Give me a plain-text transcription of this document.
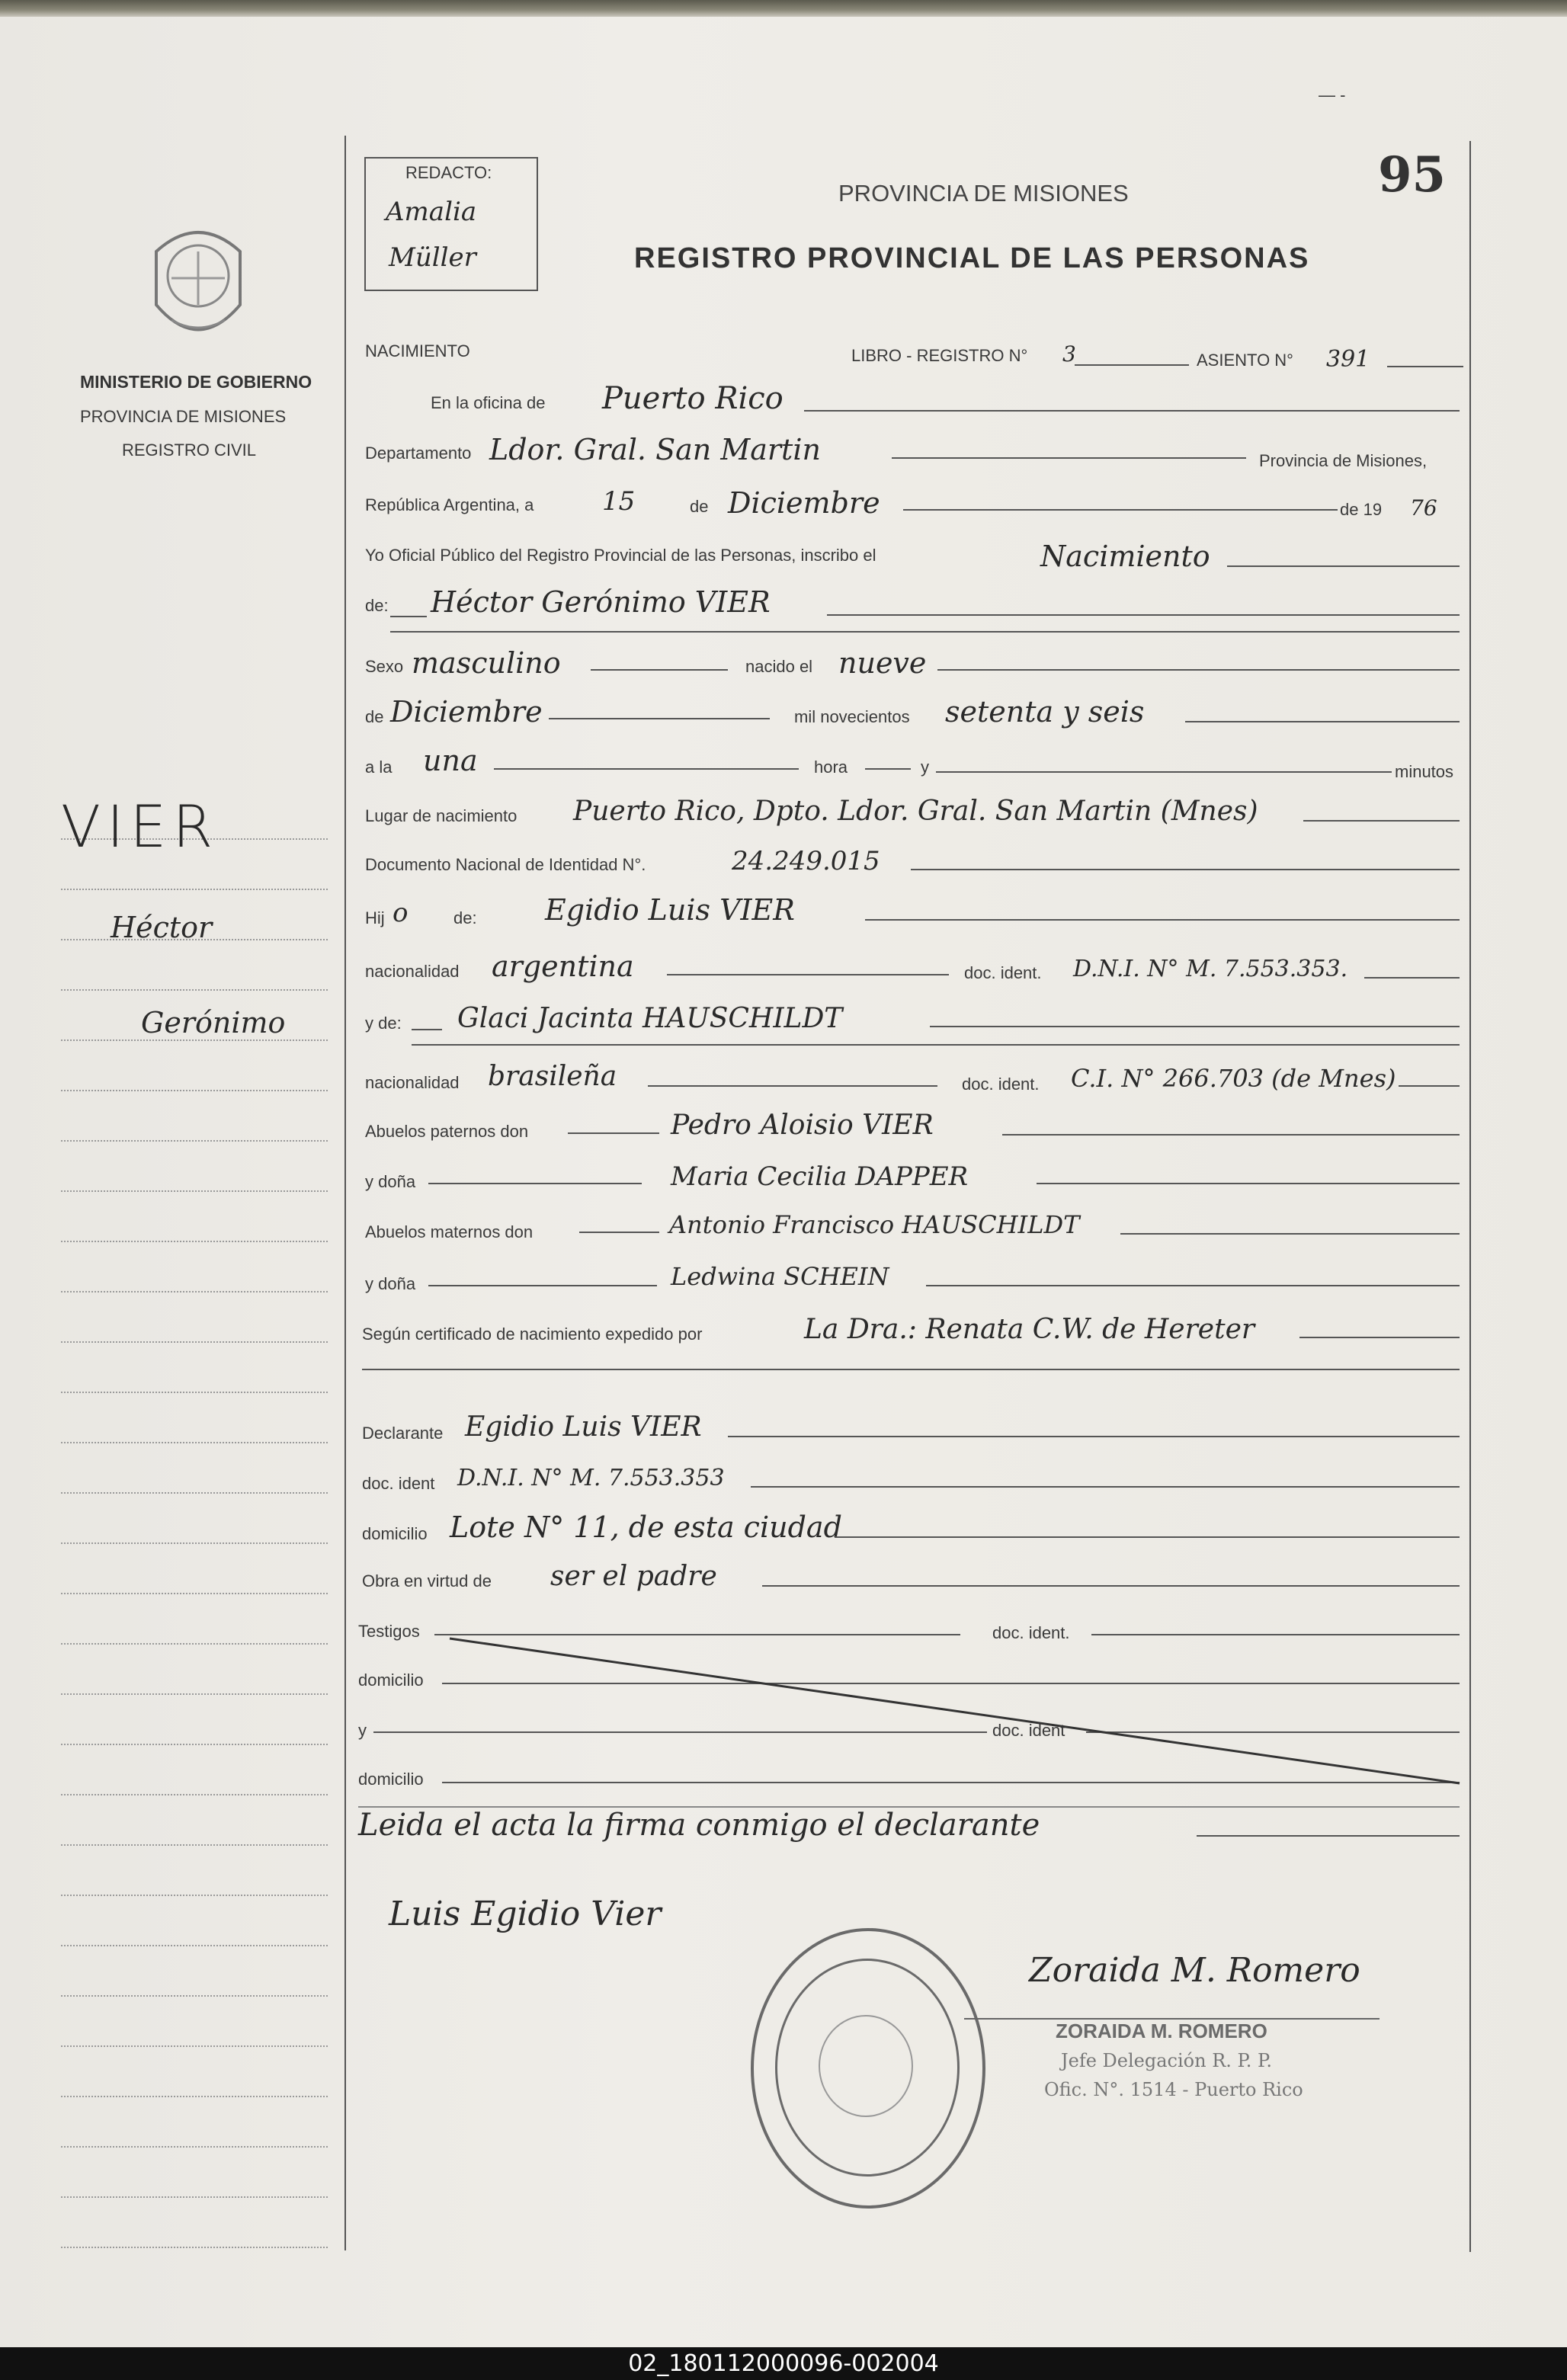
MINISTERIO DE GOBIERNO
PROVINCIA DE MISIONES
REGISTRO CIVIL
VIER
Héctor
Gerónimo
REDACTO:
Amalia
Müller
PROVINCIA DE MISIONES
REGISTRO PROVINCIAL DE LAS PERSONAS
95
— -
NACIMIENTO	LIBRO - REGISTRO N° 3	ASIENTO N° 391
En la oficina de Puerto Rico
Departamento Ldor. Gral. San Martin	Provincia de Misiones,
República Argentina, a	15	de Diciembre	de 19 76
Yo Oficial Público del Registro Provincial de las Personas, inscribo el	Nacimiento
de: Héctor Gerónimo VIER
Sexo masculino	nacido el nueve
de Diciembre	mil novecientos setenta y seis
a la una	hora	y	minutos
Lugar de nacimiento Puerto Rico, Dpto. Ldor. Gral. San Martin (Mnes)
Documento Nacional de Identidad N°.	24.249.015
Hij o	de: Egidio Luis VIER
nacionalidad argentina	doc. ident. D.N.I. N° M. 7.553.353.
y de: Glaci Jacinta HAUSCHILDT
nacionalidad brasileña	doc. ident. C.I. N° 266.703 (de Mnes)
Abuelos paternos don	Pedro Aloisio VIER
y doña	Maria Cecilia DAPPER
Abuelos maternos don	Antonio Francisco HAUSCHILDT
y doña	Ledwina SCHEIN
Según certificado de nacimiento expedido por	La Dra.: Renata C.W. de Hereter
Declarante Egidio Luis VIER
doc. ident D.N.I. N° M. 7.553.353
domicilio Lote N° 11, de esta ciudad
Obra en virtud de ser el padre
Testigos	doc. ident.
domicilio
y	doc. ident
domicilio
Leida el acta la firma conmigo el declarante
Luis Egidio Vier
Zoraida M. Romero
ZORAIDA M. ROMERO
Jefe Delegación R. P. P.
Ofic. N°. 1514 - Puerto Rico
02_180112000096-002004
